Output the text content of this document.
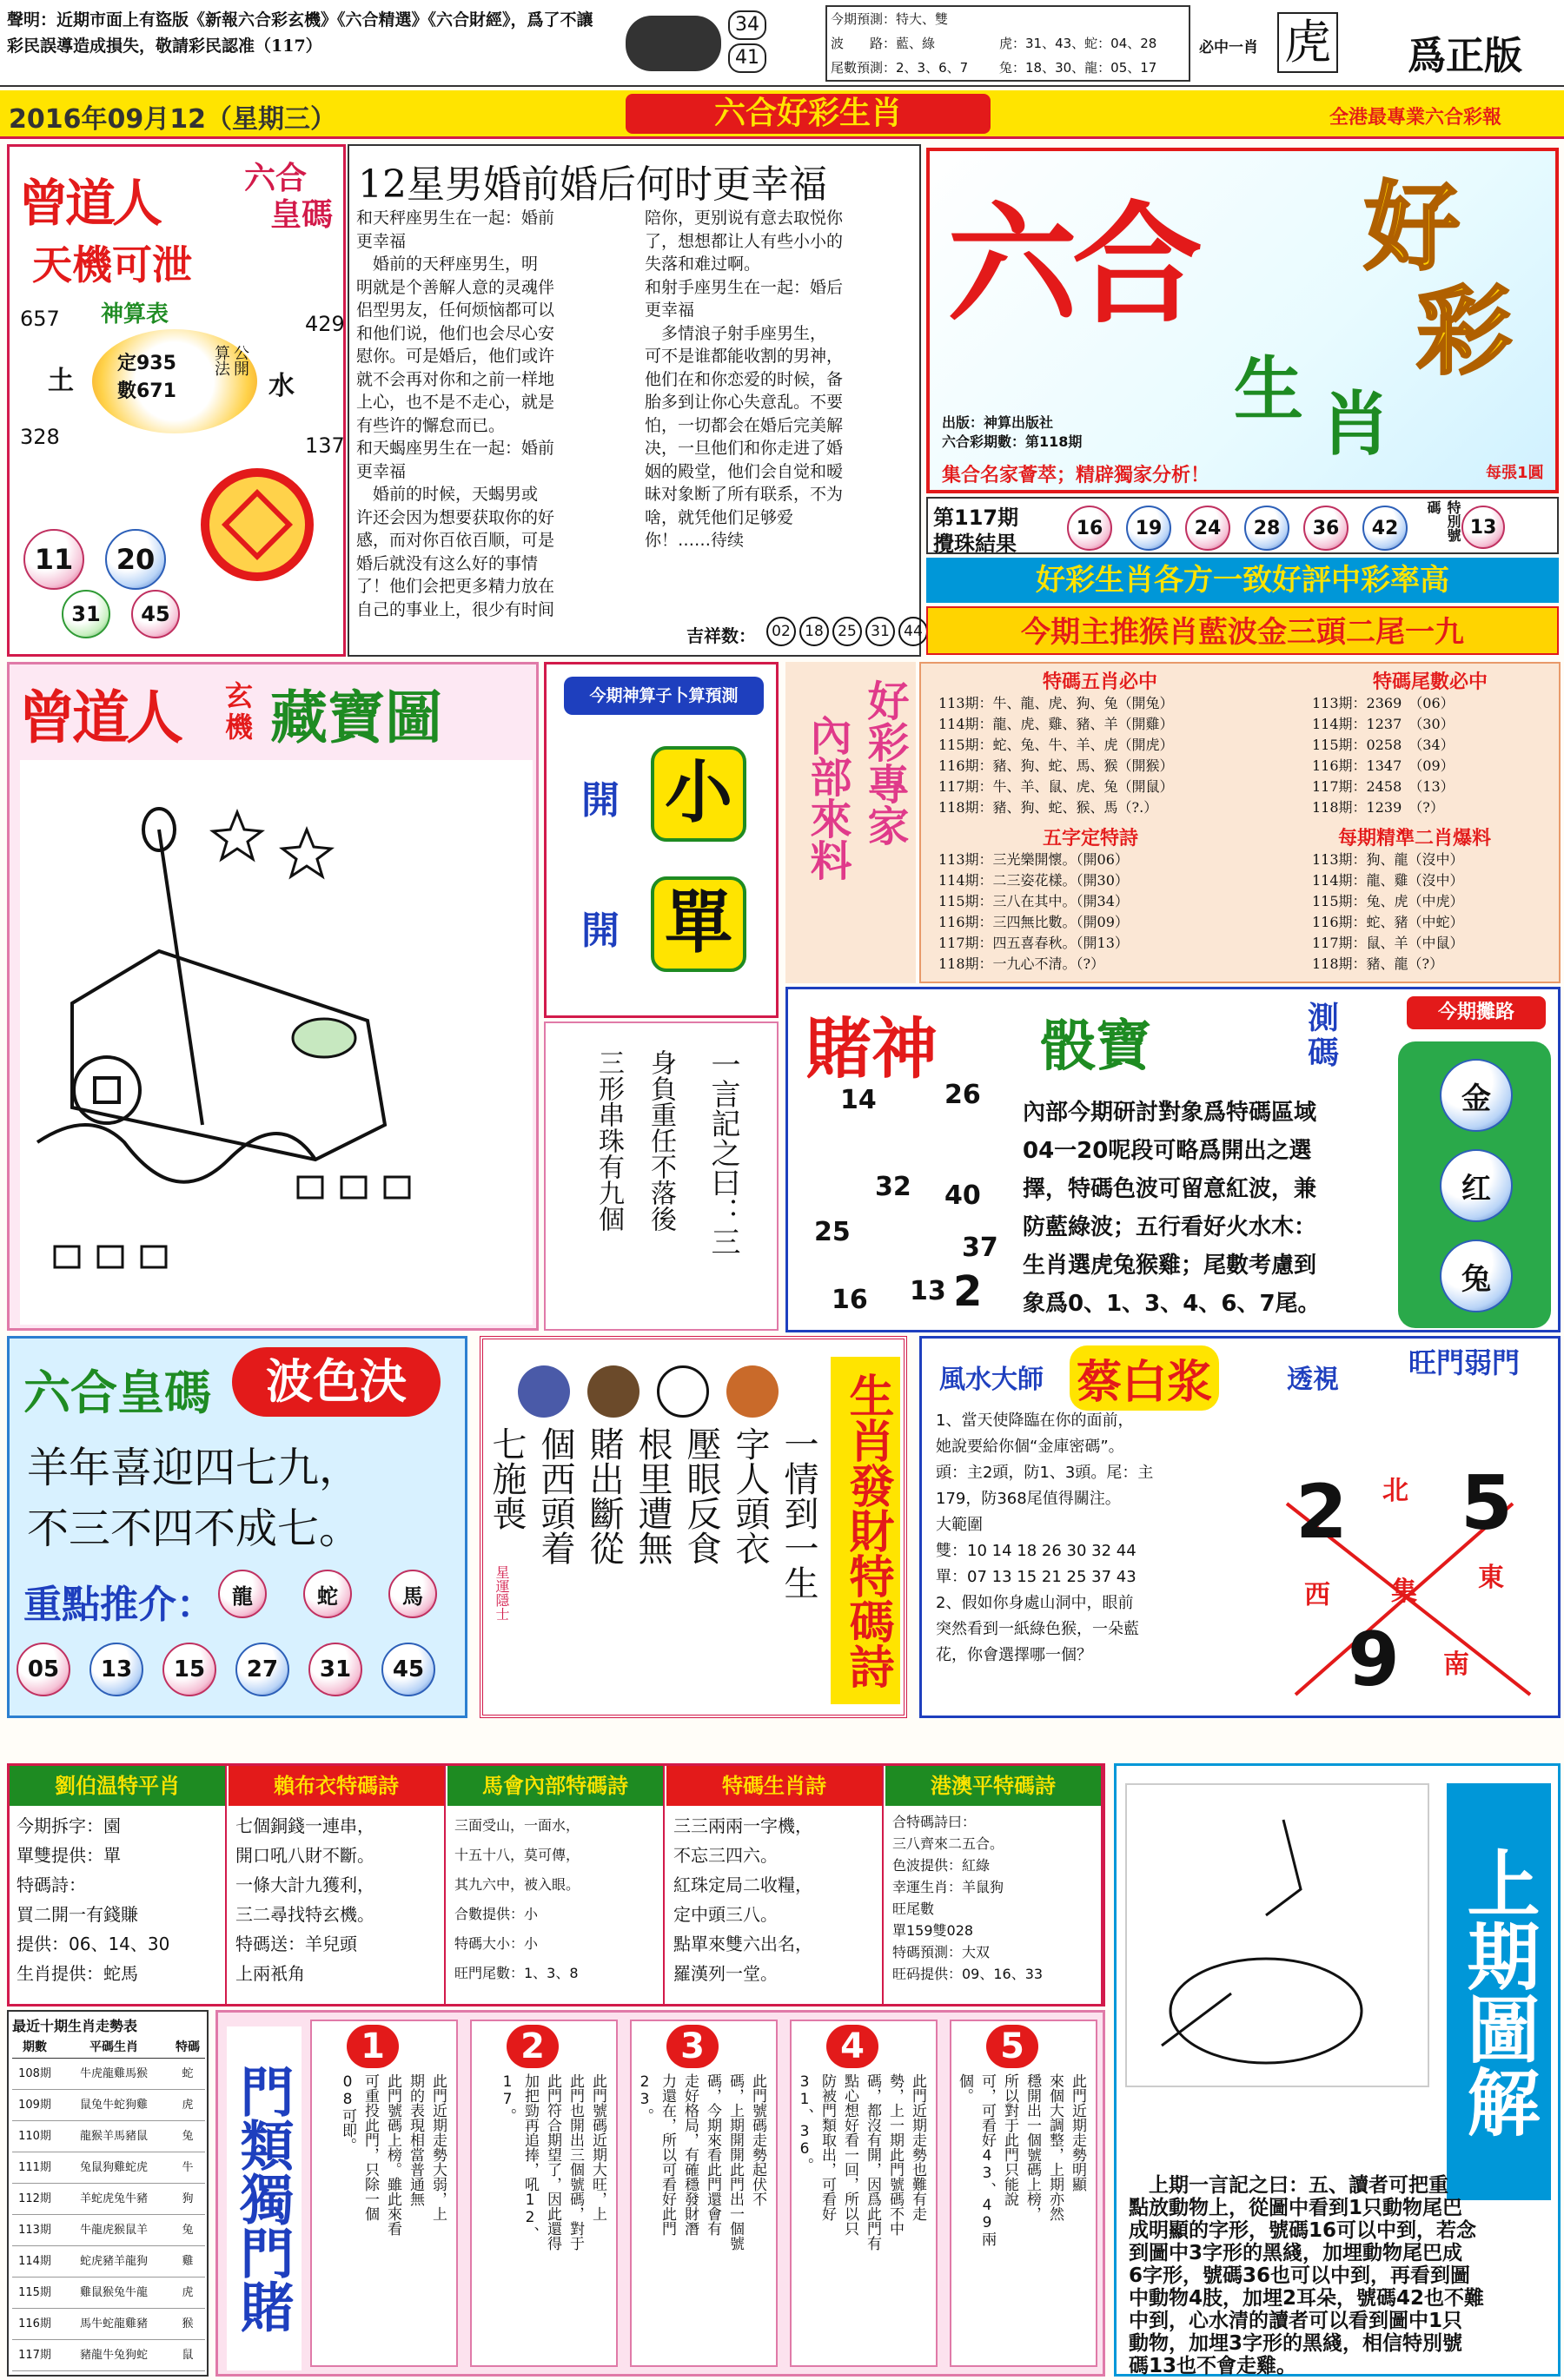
聲明：近期市面上有盜版《新報六合彩玄機》《六合精選》《六合財經》，爲了不讓彩民誤導造成損失，敬請彩民認准（117）
34
41
今期預測：特大、雙
波　　路：藍、綠
尾數預測：2、3、6、7
虎：31、43、蛇：04、28
兔：18、30、龍：05、17
必中一肖 虎 爲正版
2016年09月12（星期三）	六合好彩生肖	全港最專業六合彩報
曾道人	六合
皇碼
天機可泄
神算表
657	429
328	137
土	水
定935
數671
算法 公開
11	20
31	45
12星男婚前婚后何时更幸福
和天秤座男生在一起：婚前
更幸福
　婚前的天秤座男生，明
明就是个善解人意的灵魂伴
侣型男友，任何烦恼都可以
和他们说，他们也会尽心安
慰你。可是婚后，他们或许
就不会再对你和之前一样地
上心，也不是不走心，就是
有些许的懈怠而已。
和天蝎座男生在一起：婚前
更幸福
　婚前的时候，天蝎男或
许还会因为想要获取你的好
感，而对你百依百顺，可是
婚后就没有这么好的事情
了！他们会把更多精力放在
自己的事业上，很少有时间
陪你，更别说有意去取悦你
了，想想都让人有些小小的
失落和难过啊。
和射手座男生在一起：婚后
更幸福
　多情浪子射手座男生，
可不是谁都能收割的男神，
他们在和你恋爱的时候，备
胎多到让你心失意乱。不要
怕，一切都会在婚后完美解
决，一旦他们和你走进了婚
姻的殿堂，他们会自觉和暧
昧对象断了所有联系，不为
啥，就凭他们足够爱
你！……待续
吉祥数：	02 18 25 31 44
六合 好
彩
生 肖
出版：神算出版社
六合彩期數：第118期
每張1圓
集合名家薈萃；精辟獨家分析！
第117期
攪珠結果
16	19	24	28	36	42	特別號碼
13
好彩生肖各方一致好評中彩率高
今期主推猴肖藍波金三頭二尾一九
曾道人 玄機 藏寶圖	今期神算子卜算預測
開 小
開 單
一言記之曰：三
身負重任不落後
三形串珠有九個
好彩專家
內部來料
特碼五肖必中
113期：牛、龍、虎、狗、兔（開兔）
114期：龍、虎、雞、豬、羊（開雞）
115期：蛇、兔、牛、羊、虎（開虎）
116期：豬、狗、蛇、馬、猴（開猴）
117期：牛、羊、鼠、虎、兔（開鼠）
118期：豬、狗、蛇、猴、馬（?.）
特碼尾數必中
113期：2369　（06）
114期：1237　（30）
115期：0258　（34）
116期：1347　（09）
117期：2458　（13）
118期：1239　（?）
五字定特詩
113期：三光樂開懷。（開06）
114期：二三姿花樣。（開30）
115期：三八在其中。（開34）
116期：三四無比數。（開09）
117期：四五喜春秋。（開13）
118期：一九心不清。（?）
每期精準二肖爆料
113期：狗、龍（沒中）
114期：龍、雞（沒中）
115期：兔、虎（中虎）
116期：蛇、豬（中蛇）
117期：鼠、羊（中鼠）
118期：豬、龍（?）
賭神 骰寶	測碼
今期攤路
金
红
兔
14	26
32 40
25
37
13
16 2
內部今期研討對象爲特碼區域
04一20呢段可略爲開出之選
擇，特碼色波可留意紅波，兼
防藍綠波；五行看好火水木：
生肖選虎兔猴雞；尾數考慮到
象爲0、1、3、4、6、7尾。
六合皇碼	波色決
羊年喜迎四七九，
不三不四不成七。
重點推介： 龍	蛇	馬
05	13	15	27	31	45
一情到一生
字人頭衣
壓眼反食
根里遭無
賭出斷從
個西頭着
七施喪
星運隱士	生肖發財特碼詩 風水大師 蔡白浆	透視
旺門弱門
1、當天使降臨在你的面前，
她說要給你個“金庫密碼”。
頭：主2頭，防1、3頭。尾：主
179，防368尾值得關注。
大範圍
雙：10 14 18 26 30 32 44
單：07 13 15 21 25 37 43
2、假如你身處山洞中，眼前
突然看到一紙綠色猴，一朵藍
花，你會選擇哪一個？
2 5
9
北
東
西
南
集
劉伯温特平肖
今期拆字：園
單雙提供：單
特碼詩：
買二開一有錢賺
提供：06、14、30
生肖提供：蛇馬
賴布衣特碼詩
七個銅錢一連串，
開口吼八財不斷。
一條大計九獲利，
三二尋找特玄機。
特碼送：羊兒頭
上兩衹角
馬會內部特碼詩
三面受山，一面水，
十五十八，莫可傳，
其九六中，被入眼。
合數提供：小
特碼大小：小
旺門尾數：1、3、8
特碼生肖詩
三三兩兩一字機，
不忘三四六。
紅珠定局二收糧，
定中頭三八。
點單來雙六出名，
羅漢列一堂。
港澳平特碼詩
合特碼詩曰：
三八齊來二五合。
色波提供：紅綠
幸運生肖：羊鼠狗
旺尾數
單159雙028
特碼預測：大双
旺码提供：09、16、33	上期圖解
　上期一言記之曰：五、讀者可把重
點放動物上，從圖中看到1只動物尾巴
成明顯的字形，號碼16可以中到，若念
到圖中3字形的黑綫，加埋動物尾巴成
6字形，號碼36也可以中到，再看到圖
中動物4肢，加埋2耳朵，號碼42也不難
中到，心水清的讀者可以看到圖中1只
動物，加埋3字形的黑綫，相信特別號
碼13也不會走雞。
最近十期生肖走勢表
期數	平碼生肖	特碼
108期	牛虎龍雞馬猴	蛇
109期	鼠兔牛蛇狗雞	虎
110期	龍猴羊馬豬鼠	兔
111期	兔鼠狗雞蛇虎	牛
112期	羊蛇虎兔牛豬	狗
113期	牛龍虎猴鼠羊	兔
114期	蛇虎豬羊龍狗	雞
115期	雞鼠猴兔牛龍	虎
116期	馬牛蛇龍雞豬	猴
117期	豬龍牛兔狗蛇	鼠
門類獨門賭
1
此門近期走勢大弱，上
期的表現相當普通無
此門號碼上榜。雖此來看
可重投此門，只除一個
08可即。
2
此門號碼近期大旺，上
此門也開出三個號碼，對于
此門符合期望了，因此還得
加把勁再追捧，吼12、
17。
3
此門號碼走勢起伏不
碼，上期開開此門出一個號
碼，今期來看此門還會有
走好格局，有確穩發財潛
力還在，所以可看好此門
23。
4
此門近期走勢也難有走
勢，上一期此門號碼不中
碼，都沒有開，因爲此門有
點心想好看一回，所以只
防被門類取出，可看好
31、36。
5
此門近期走勢明顯
來個大調整，上期亦然
穩開出一個號碼上榜，
所以對于此門只能說
可，可看好43、49兩
個。
